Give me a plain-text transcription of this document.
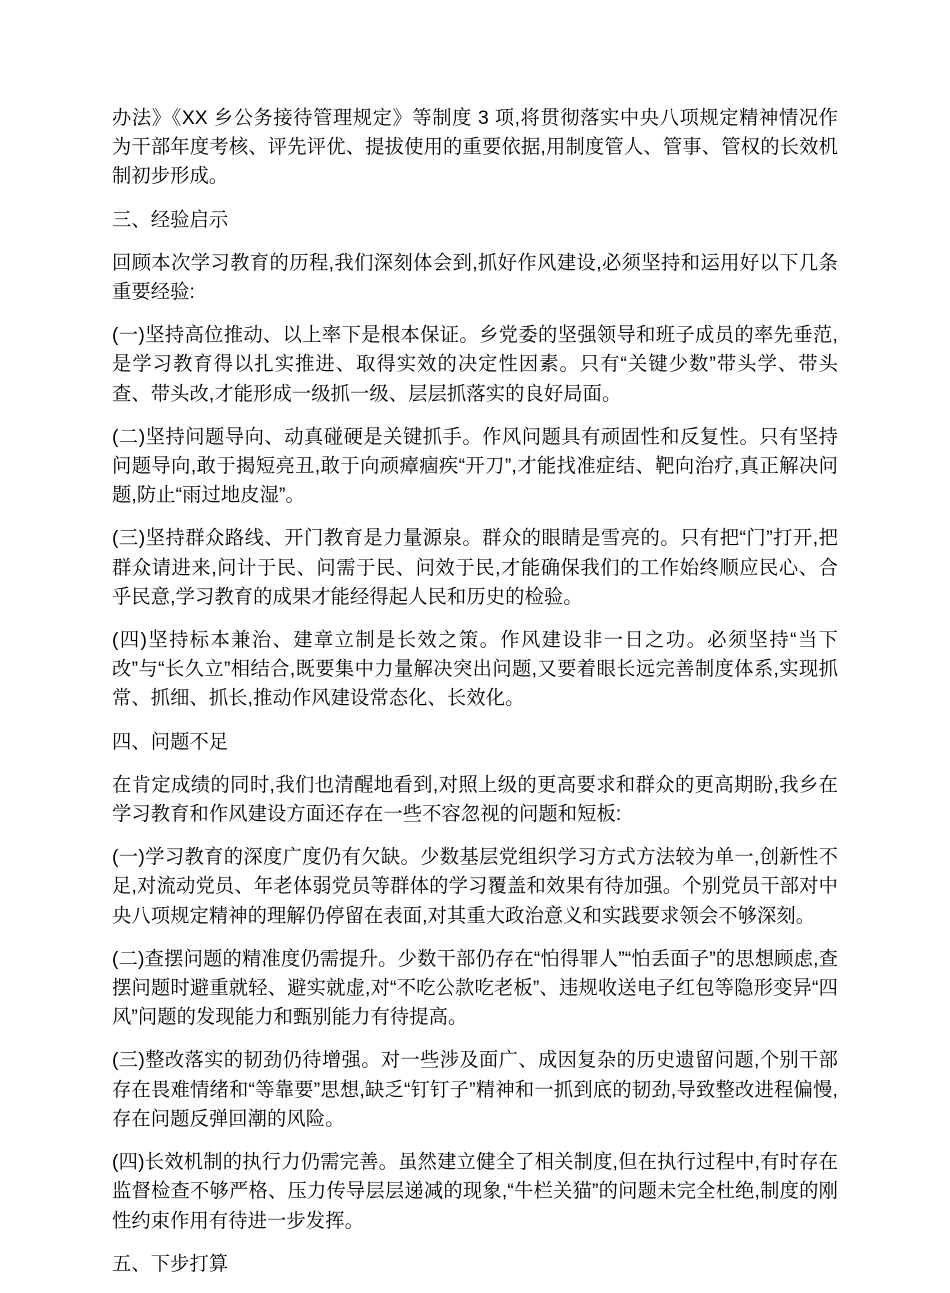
办法》《XX 乡公务接待管理规定》等制度 3 项,将贯彻落实中央八项规定精神情况作为干部年度考核、评先评优、提拔使用的重要依据,用制度管人、管事、管权的长效机制初步形成。

三、经验启示

回顾本次学习教育的历程,我们深刻体会到,抓好作风建设,必须坚持和运用好以下几条重要经验:

(一)坚持高位推动、以上率下是根本保证。乡党委的坚强领导和班子成员的率先垂范,是学习教育得以扎实推进、取得实效的决定性因素。只有“关键少数”带头学、带头查、带头改,才能形成一级抓一级、层层抓落实的良好局面。

(二)坚持问题导向、动真碰硬是关键抓手。作风问题具有顽固性和反复性。只有坚持问题导向,敢于揭短亮丑,敢于向顽瘴痼疾“开刀”,才能找准症结、靶向治疗,真正解决问题,防止“雨过地皮湿”。

(三)坚持群众路线、开门教育是力量源泉。群众的眼睛是雪亮的。只有把“门”打开,把群众请进来,问计于民、问需于民、问效于民,才能确保我们的工作始终顺应民心、合乎民意,学习教育的成果才能经得起人民和历史的检验。

(四)坚持标本兼治、建章立制是长效之策。作风建设非一日之功。必须坚持“当下改”与“长久立”相结合,既要集中力量解决突出问题,又要着眼长远完善制度体系,实现抓常、抓细、抓长,推动作风建设常态化、长效化。

四、问题不足

在肯定成绩的同时,我们也清醒地看到,对照上级的更高要求和群众的更高期盼,我乡在学习教育和作风建设方面还存在一些不容忽视的问题和短板:

(一)学习教育的深度广度仍有欠缺。少数基层党组织学习方式方法较为单一,创新性不足,对流动党员、年老体弱党员等群体的学习覆盖和效果有待加强。个别党员干部对中央八项规定精神的理解仍停留在表面,对其重大政治意义和实践要求领会不够深刻。

(二)查摆问题的精准度仍需提升。少数干部仍存在“怕得罪人”“怕丢面子”的思想顾虑,查摆问题时避重就轻、避实就虚,对“不吃公款吃老板”、违规收送电子红包等隐形变异“四风”问题的发现能力和甄别能力有待提高。

(三)整改落实的韧劲仍待增强。对一些涉及面广、成因复杂的历史遗留问题,个别干部存在畏难情绪和“等靠要”思想,缺乏“钉钉子”精神和一抓到底的韧劲,导致整改进程偏慢,存在问题反弹回潮的风险。

(四)长效机制的执行力仍需完善。虽然建立健全了相关制度,但在执行过程中,有时存在监督检查不够严格、压力传导层层递减的现象,“牛栏关猫”的问题未完全杜绝,制度的刚性约束作用有待进一步发挥。

五、下步打算
